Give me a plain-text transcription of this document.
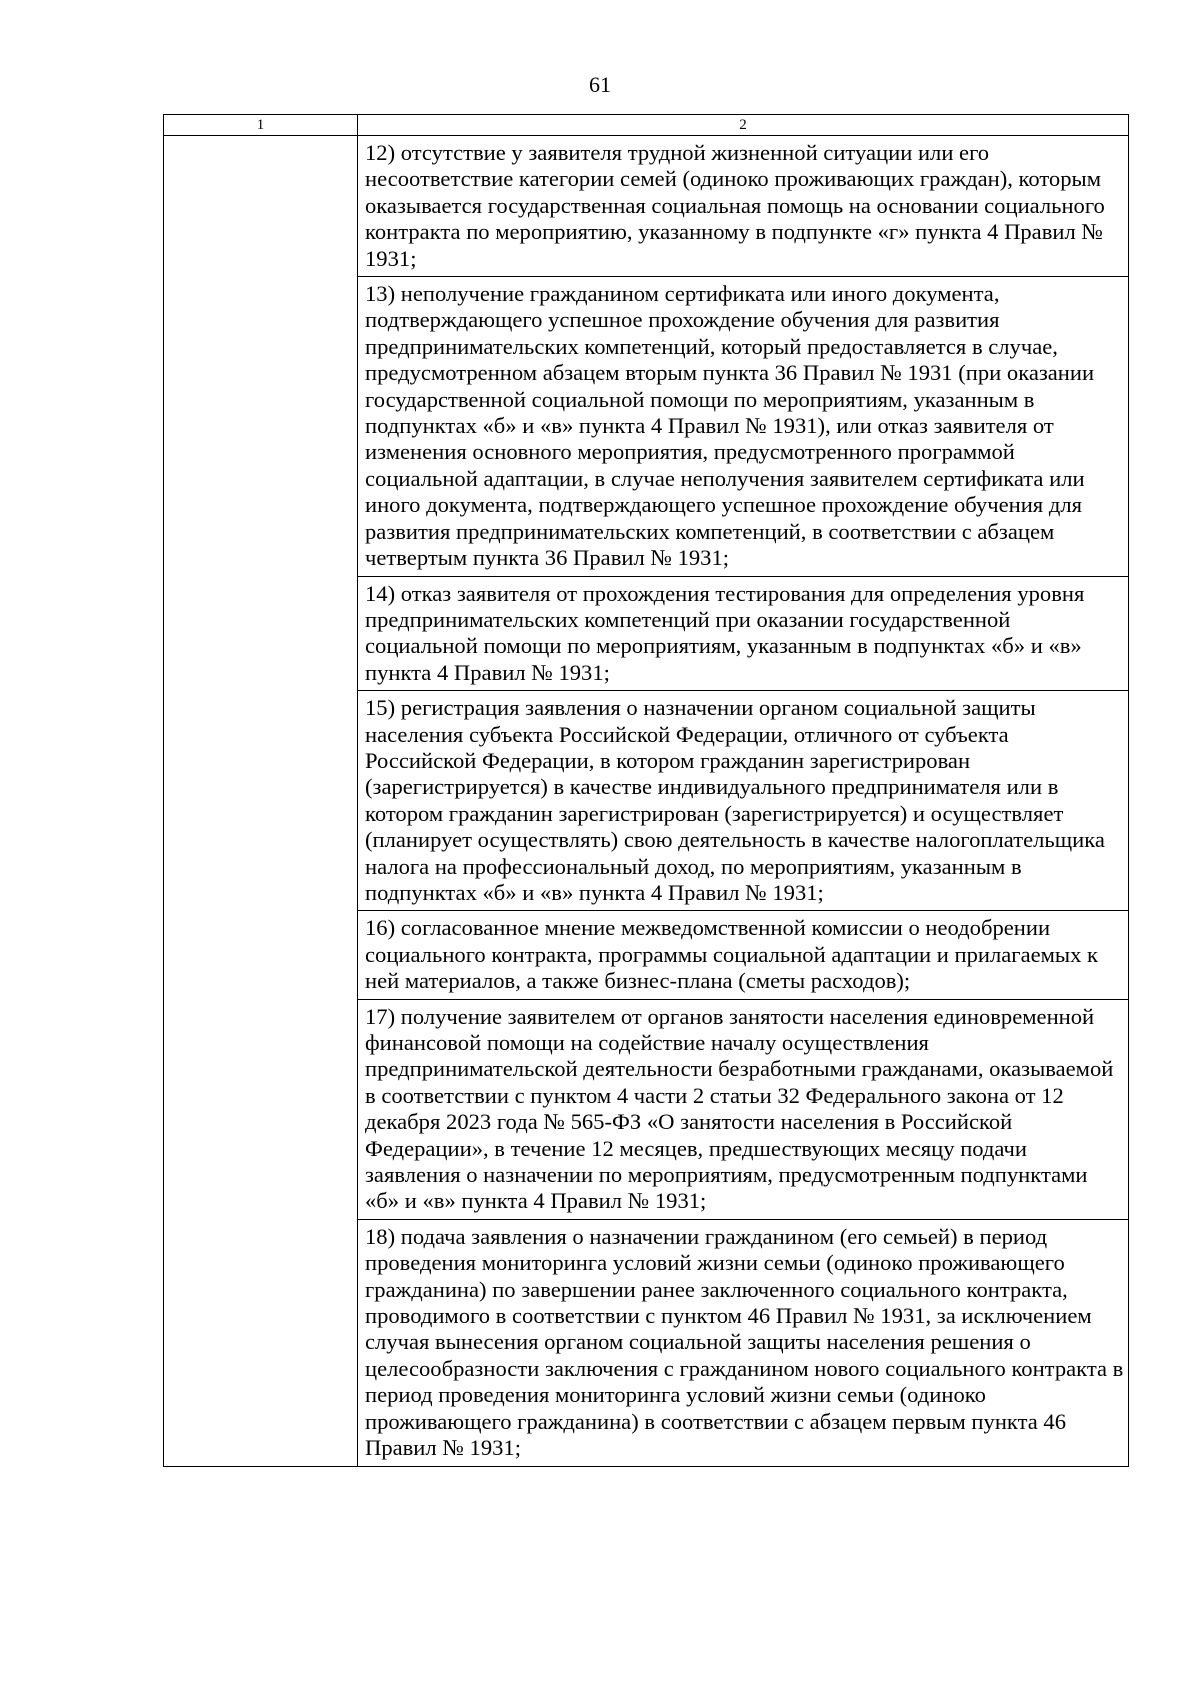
61
1	2
	12) отсутствие у заявителя трудной жизненной ситуации или его несоответствие категории семей (одиноко проживающих граждан), которым оказывается государственная социальная помощь на основании социального контракта по мероприятию, указанному в подпункте «г» пункта 4 Правил № 1931;
	13) неполучение гражданином сертификата или иного документа, подтверждающего успешное прохождение обучения для развития предпринимательских компетенций, который предоставляется в случае, предусмотренном абзацем вторым пункта 36 Правил № 1931 (при оказании государственной социальной помощи по мероприятиям, указанным в подпунктах «б» и «в» пункта 4 Правил № 1931), или отказ заявителя от изменения основного мероприятия, предусмотренного программой социальной адаптации, в случае неполучения заявителем сертификата или иного документа, подтверждающего успешное прохождение обучения для развития предпринимательских компетенций, в соответствии с абзацем четвертым пункта 36 Правил № 1931;
	14) отказ заявителя от прохождения тестирования для определения уровня предпринимательских компетенций при оказании государственной социальной помощи по мероприятиям, указанным в подпунктах «б» и «в» пункта 4 Правил № 1931;
	15) регистрация заявления о назначении органом социальной защиты населения субъекта Российской Федерации, отличного от субъекта Российской Федерации, в котором гражданин зарегистрирован (зарегистрируется) в качестве индивидуального предпринимателя или в котором гражданин зарегистрирован (зарегистрируется) и осуществляет (планирует осуществлять) свою деятельность в качестве налогоплательщика налога на профессиональный доход, по мероприятиям, указанным в подпунктах «б» и «в» пункта 4 Правил № 1931;
	16) согласованное мнение межведомственной комиссии о неодобрении социального контракта, программы социальной адаптации и прилагаемых к ней материалов, а также бизнес-плана (сметы расходов);
	17) получение заявителем от органов занятости населения единовременной финансовой помощи на содействие началу осуществления предпринимательской деятельности безработными гражданами, оказываемой в соответствии с пунктом 4 части 2 статьи 32 Федерального закона от 12 декабря 2023 года № 565-ФЗ «О занятости населения в Российской Федерации», в течение 12 месяцев, предшествующих месяцу подачи заявления о назначении по мероприятиям, предусмотренным подпунктами «б» и «в» пункта 4 Правил № 1931;
	18) подача заявления о назначении гражданином (его семьей) в период проведения мониторинга условий жизни семьи (одиноко проживающего гражданина) по завершении ранее заключенного социального контракта, проводимого в соответствии с пунктом 46 Правил № 1931, за исключением случая вынесения органом социальной защиты населения решения о целесообразности заключения с гражданином нового социального контракта в период проведения мониторинга условий жизни семьи (одиноко проживающего гражданина) в соответствии с абзацем первым пункта 46 Правил № 1931;
